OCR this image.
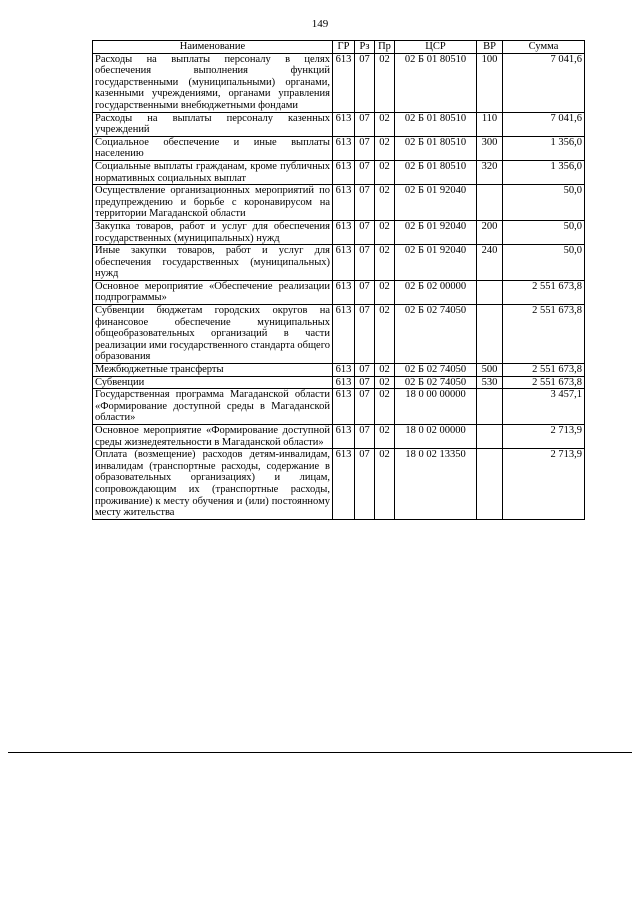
149
Наименование	ГР	Рз	Пр	ЦСР	ВР	Сумма
Расходы на выплаты персоналу в целях обеспечения выполнения функций государственными (муниципальными) органами, казенными учреждениями, органами управления государственными внебюджетными фондами	613	07	02	02 Б 01 80510	100	7 041,6
Расходы на выплаты персоналу казенных учреждений	613	07	02	02 Б 01 80510	110	7 041,6
Социальное обеспечение и иные выплаты населению	613	07	02	02 Б 01 80510	300	1 356,0
Социальные выплаты гражданам, кроме публичных нормативных социальных выплат	613	07	02	02 Б 01 80510	320	1 356,0
Осуществление организационных мероприятий по предупреждению и борьбе с коронавирусом на территории Магаданской области	613	07	02	02 Б 01 92040		50,0
Закупка товаров, работ и услуг для обеспечения государственных (муниципальных) нужд	613	07	02	02 Б 01 92040	200	50,0
Иные закупки товаров, работ и услуг для обеспечения государственных (муниципальных) нужд	613	07	02	02 Б 01 92040	240	50,0
Основное мероприятие «Обеспечение реализации подпрограммы»	613	07	02	02 Б 02 00000		2 551 673,8
Субвенции бюджетам городских округов на финансовое обеспечение муниципальных общеобразовательных организаций в части реализации ими государственного стандарта общего образования	613	07	02	02 Б 02 74050		2 551 673,8
Межбюджетные трансферты	613	07	02	02 Б 02 74050	500	2 551 673,8
Субвенции	613	07	02	02 Б 02 74050	530	2 551 673,8
Государственная программа Магаданской области «Формирование доступной среды в Магаданской области»	613	07	02	18 0 00 00000		3 457,1
Основное мероприятие «Формирование доступной среды жизнедеятельности в Магаданской области»	613	07	02	18 0 02 00000		2 713,9
Оплата (возмещение) расходов детям-инвалидам, инвалидам (транспортные расходы, содержание в образовательных организациях) и лицам, сопровождающим их (транспортные расходы, проживание) к месту обучения и (или) постоянному месту жительства	613	07	02	18 0 02 13350		2 713,9
